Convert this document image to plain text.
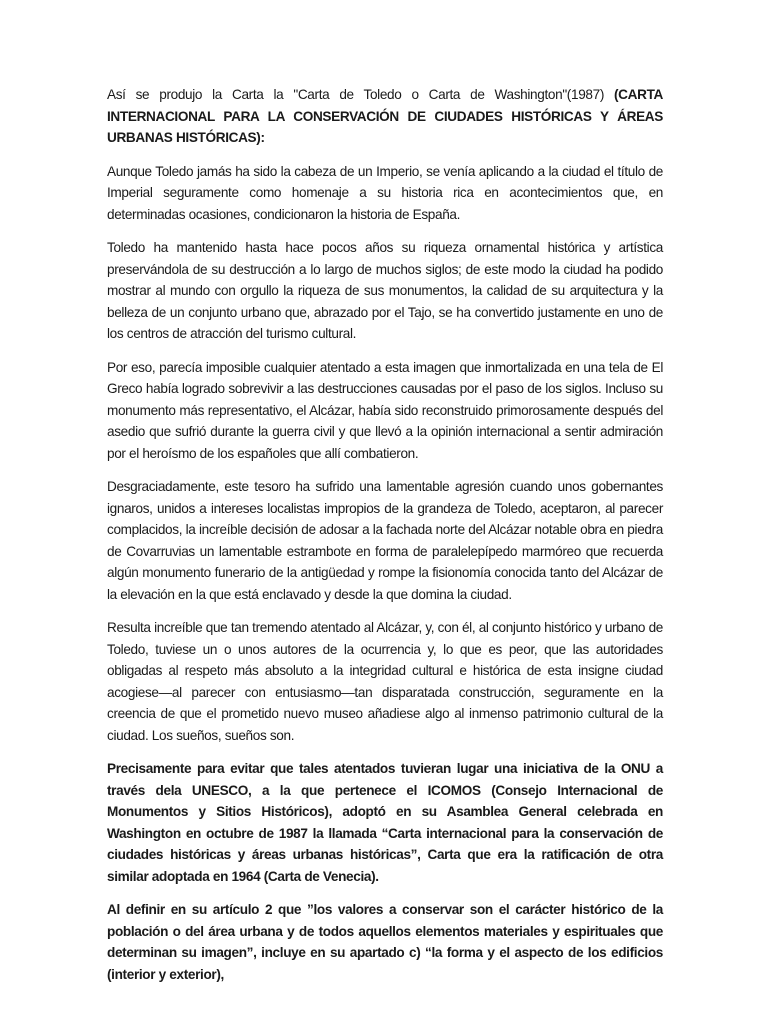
Así se produjo la Carta la "Carta de Toledo o Carta de Washington"(1987) (CARTA INTERNACIONAL PARA LA CONSERVACIÓN DE CIUDADES HISTÓRICAS Y ÁREAS URBANAS HISTÓRICAS):

Aunque Toledo jamás ha sido la cabeza de un Imperio, se venía aplicando a la ciudad el título de Imperial seguramente como homenaje a su historia rica en acontecimientos que, en determinadas ocasiones, condicionaron la historia de España.

Toledo ha mantenido hasta hace pocos años su riqueza ornamental histórica y artística preservándola de su destrucción a lo largo de muchos siglos; de este modo la ciudad ha podido mostrar al mundo con orgullo la riqueza de sus monumentos, la calidad de su arquitectura y la belleza de un conjunto urbano que, abrazado por el Tajo, se ha convertido justamente en uno de los centros de atracción del turismo cultural.

Por eso, parecía imposible cualquier atentado a esta imagen que inmortalizada en una tela de El Greco había logrado sobrevivir a las destrucciones causadas por el paso de los siglos. Incluso su monumento más representativo, el Alcázar, había sido reconstruido primorosamente después del asedio que sufrió durante la guerra civil y que llevó a la opinión internacional a sentir admiración por el heroísmo de los españoles que allí combatieron.

Desgraciadamente, este tesoro ha sufrido una lamentable agresión cuando unos gobernantes ignaros, unidos a intereses localistas impropios de la grandeza de Toledo, aceptaron, al parecer complacidos, la increíble decisión de adosar a la fachada norte del Alcázar notable obra en piedra de Covarruvias un lamentable estrambote en forma de paralelepípedo marmóreo que recuerda algún monumento funerario de la antigüedad y rompe la fisionomía conocida tanto del Alcázar de la elevación en la que está enclavado y desde la que domina la ciudad.

Resulta increíble que tan tremendo atentado al Alcázar, y, con él, al conjunto histórico y urbano de Toledo, tuviese un o unos autores de la ocurrencia y, lo que es peor, que las autoridades obligadas al respeto más absoluto a la integridad cultural e histórica de esta insigne ciudad acogiese—al parecer con entusiasmo—tan disparatada construcción, seguramente en la creencia de que el prometido nuevo museo añadiese algo al inmenso patrimonio cultural de la ciudad. Los sueños, sueños son.

Precisamente para evitar que tales atentados tuvieran lugar una iniciativa de la ONU a través dela UNESCO, a la que pertenece el ICOMOS (Consejo Internacional de Monumentos y Sitios Históricos), adoptó en su Asamblea General celebrada en Washington en octubre de 1987 la llamada “Carta internacional para la conservación de ciudades históricas y áreas urbanas históricas”, Carta que era la ratificación de otra similar adoptada en 1964 (Carta de Venecia).

Al definir en su artículo 2 que ”los valores a conservar son el carácter histórico de la población o del área urbana y de todos aquellos elementos materiales y espirituales que determinan su imagen”, incluye en su apartado c) “la forma y el aspecto de los edificios (interior y exterior),
